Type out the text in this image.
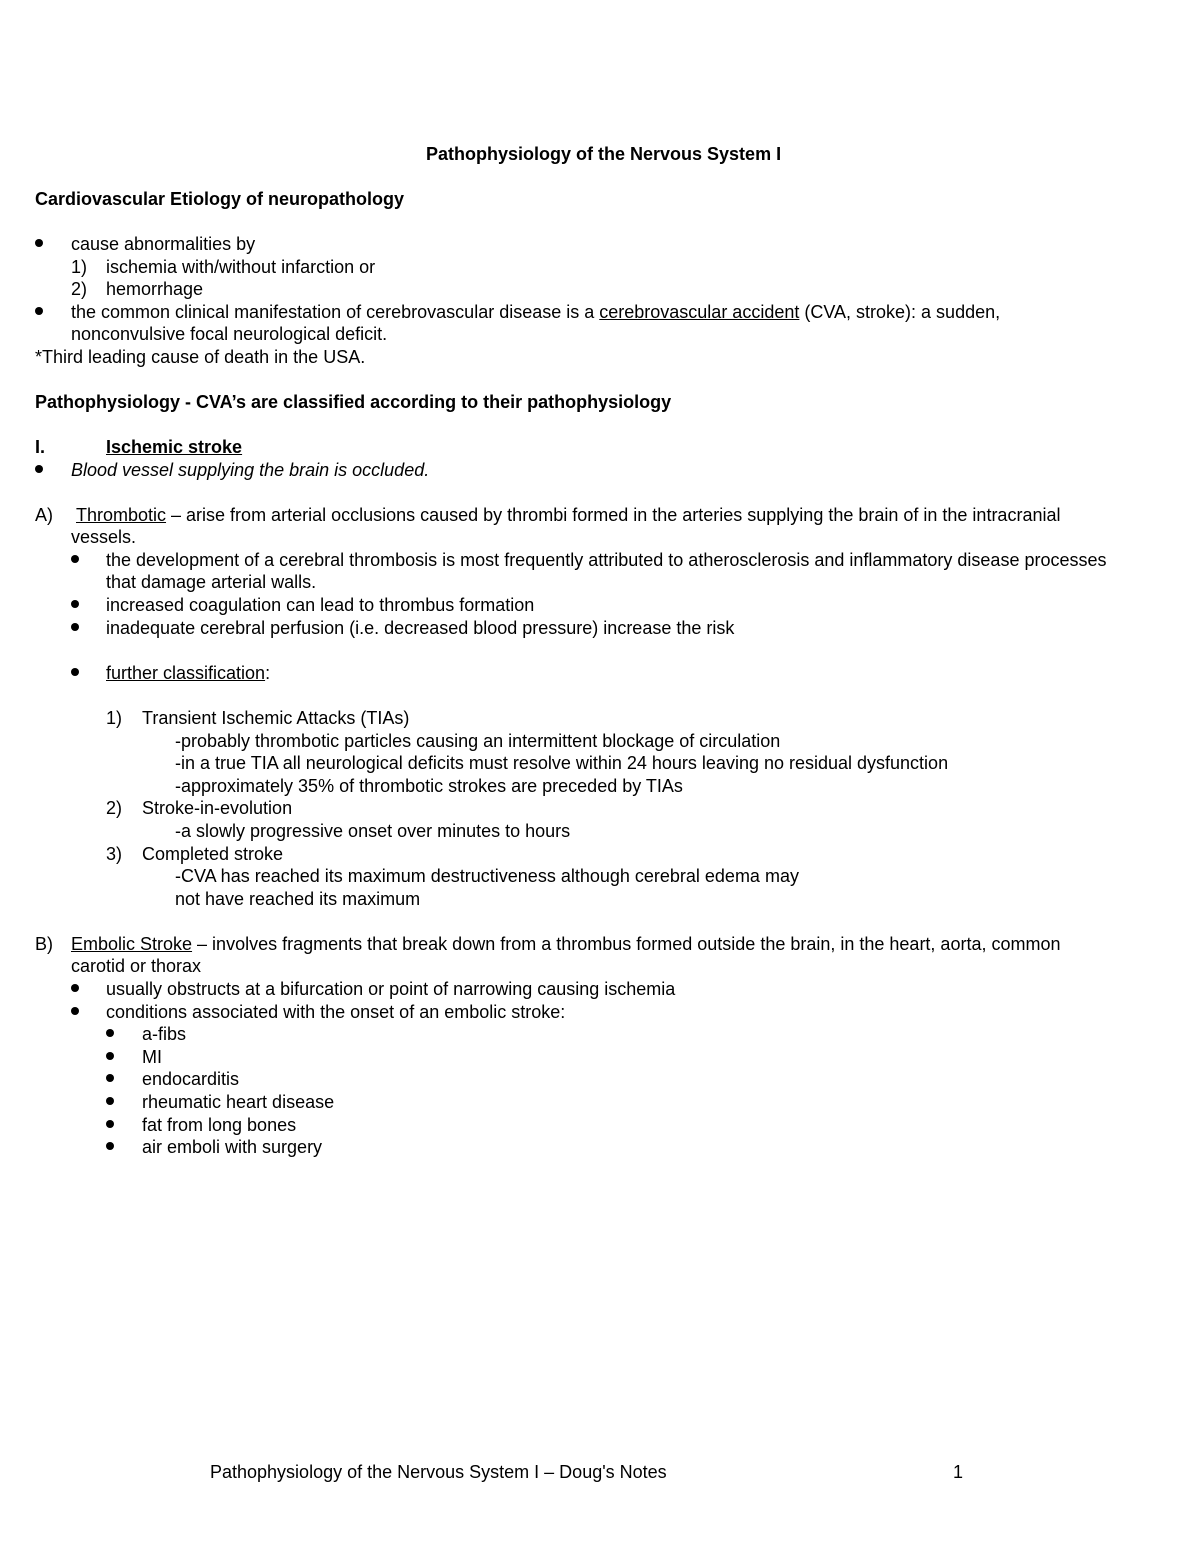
Pathophysiology of the Nervous System I
Cardiovascular Etiology of neuropathology
cause abnormalities by
1) ischemia with/without infarction or
2) hemorrhage
the common clinical manifestation of cerebrovascular disease is a cerebrovascular accident (CVA, stroke): a sudden,
nonconvulsive focal neurological deficit.
*Third leading cause of death in the USA.
Pathophysiology - CVA’s are classified according to their pathophysiology
I.	Ischemic stroke
Blood vessel supplying the brain is occluded.
A) Thrombotic – arise from arterial occlusions caused by thrombi formed in the arteries supplying the brain of in the intracranial
vessels.
the development of a cerebral thrombosis is most frequently attributed to atherosclerosis and inflammatory disease processes
that damage arterial walls.
increased coagulation can lead to thrombus formation
inadequate cerebral perfusion (i.e. decreased blood pressure) increase the risk
further classification:
1) Transient Ischemic Attacks (TIAs)
-probably thrombotic particles causing an intermittent blockage of circulation
-in a true TIA all neurological deficits must resolve within 24 hours leaving no residual dysfunction
-approximately 35% of thrombotic strokes are preceded by TIAs
2) Stroke-in-evolution
-a slowly progressive onset over minutes to hours
3) Completed stroke
-CVA has reached its maximum destructiveness although cerebral edema may
not have reached its maximum
B) Embolic Stroke – involves fragments that break down from a thrombus formed outside the brain, in the heart, aorta, common
carotid or thorax
usually obstructs at a bifurcation or point of narrowing causing ischemia
conditions associated with the onset of an embolic stroke:
a-fibs
MI
endocarditis
rheumatic heart disease
fat from long bones
air emboli with surgery
Pathophysiology of the Nervous System I – Doug's Notes	1
